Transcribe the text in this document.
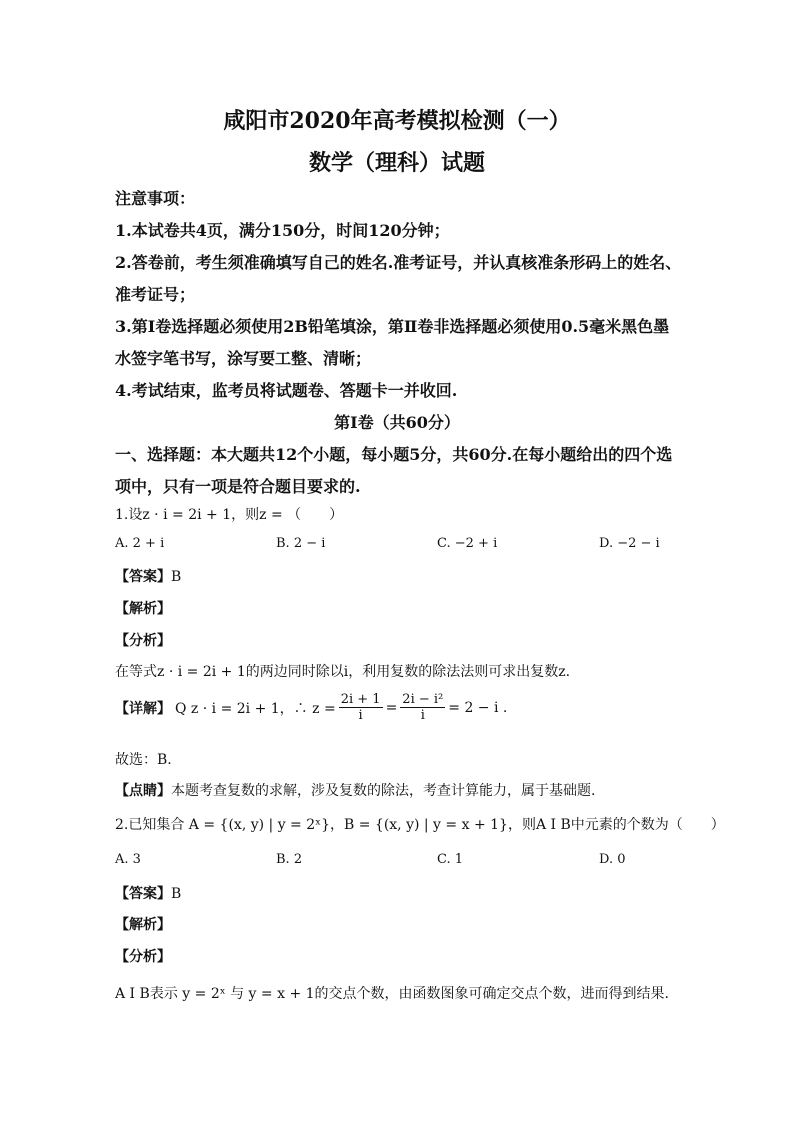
咸阳市2020年高考模拟检测（一）
数学（理科）试题
注意事项：
1.本试卷共4页，满分150分，时间120分钟；
2.答卷前，考生须准确填写自己的姓名.准考证号，并认真核准条形码上的姓名、
准考证号；
3.第Ⅰ卷选择题必须使用2B铅笔填涂，第Ⅱ卷非选择题必须使用0.5毫米黑色墨
水签字笔书写，涂写要工整、清晰；
4.考试结束，监考员将试题卷、答题卡一并收回.
第Ⅰ卷（共60分）
一、选择题：本大题共12个小题，每小题5分，共60分.在每小题给出的四个选
项中，只有一项是符合题目要求的.
1.设z · i = 2i + 1，则z = （　　）
A. 2 + i	B. 2 − i	C. −2 + i	D. −2 − i
【答案】B
【解析】
【分析】
在等式z · i = 2i + 1的两边同时除以i，利用复数的除法法则可求出复数z.
【详解】 Q z · i = 2i + 1，∴ $z = \frac{2i + 1}{i} = \frac{\text{2i − i²}}{i} = 2 - i$ .
故选：B.
【点睛】本题考查复数的求解，涉及复数的除法，考查计算能力，属于基础题.
2.已知集合 A = {(x, y) | y = 2ˣ}，B = {(x, y) | y = x + 1}，则A I B中元素的个数为（　　）
A. 3	B. 2	C. 1	D. 0
【答案】B
【解析】
【分析】
A I B表示 y = 2ˣ 与 y = x + 1的交点个数，由函数图象可确定交点个数，进而得到结果.
